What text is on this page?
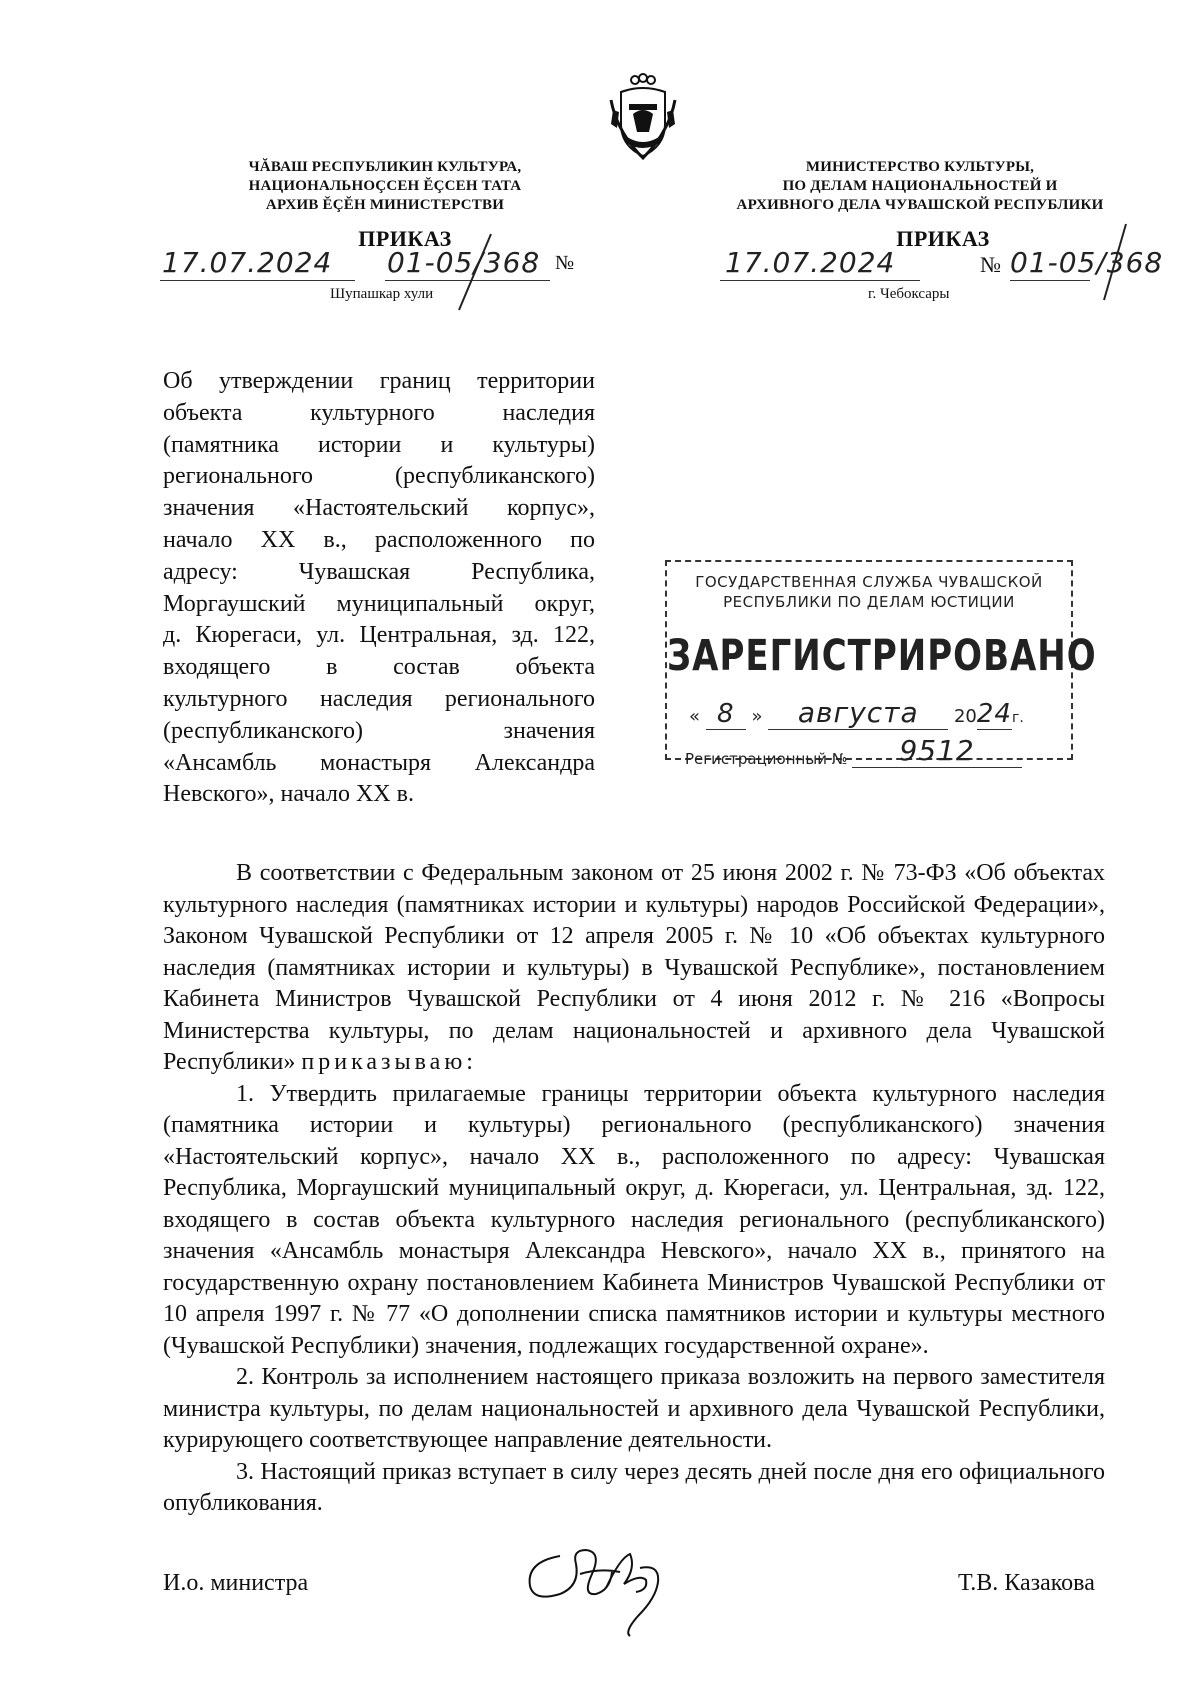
ЧĂВАШ РЕСПУБЛИКИН КУЛЬТУРА,
НАЦИОНАЛЬНОÇСЕН ĔÇСЕН ТАТА
АРХИВ ĔÇĔН МИНИСТЕРСТВИ
МИНИСТЕРСТВО КУЛЬТУРЫ,
ПО ДЕЛАМ НАЦИОНАЛЬНОСТЕЙ И
АРХИВНОГО ДЕЛА ЧУВАШСКОЙ РЕСПУБЛИКИ
ПРИКАЗ
17.07.2024 01-05/368 №
Шупашкар хули
ПРИКАЗ
17.07.2024	№ 01-05/368
г. Чебоксары
Об утверждении границ территории
объекта культурного наследия
(памятника истории и культуры)
регионального (республиканского)
значения «Настоятельский корпус»,
начало XX в., расположенного по
адресу: Чувашская Республика,
Моргаушский муниципальный округ,
д. Кюрегаси, ул. Центральная, зд. 122,
входящего в состав объекта
культурного наследия регионального
(республиканского) значения
«Ансамбль монастыря Александра
Невского», начало XX в.
ГОСУДАРСТВЕННАЯ СЛУЖБА ЧУВАШСКОЙ
РЕСПУБЛИКИ ПО ДЕЛАМ ЮСТИЦИИ
ЗАРЕГИСТРИРОВАНО
« 8 » августа 2024г.
Регистрационный № 9512

В соответствии с Федеральным законом от 25 июня 2002 г. № 73-ФЗ «Об объектах культурного наследия (памятниках истории и культуры) народов Российской Федерации», Законом Чувашской Республики от 12 апреля 2005 г. № 10 «Об объектах культурного наследия (памятниках истории и культуры) в Чувашской Республике», постановлением Кабинета Министров Чувашской Республики от 4 июня 2012 г. № 216 «Вопросы Министерства культуры, по делам национальностей и архивного дела Чувашской Республики» приказываю:

1. Утвердить прилагаемые границы территории объекта культурного наследия (памятника истории и культуры) регионального (республиканского) значения «Настоятельский корпус», начало XX в., расположенного по адресу: Чувашская Республика, Моргаушский муниципальный округ, д. Кюрегаси, ул. Центральная, зд. 122, входящего в состав объекта культурного наследия регионального (республиканского) значения «Ансамбль монастыря Александра Невского», начало XX в., принятого на государственную охрану постановлением Кабинета Министров Чувашской Республики от 10 апреля 1997 г. № 77 «О дополнении списка памятников истории и культуры местного (Чувашской Республики) значения, подлежащих государственной охране».

2. Контроль за исполнением настоящего приказа возложить на первого заместителя министра культуры, по делам национальностей и архивного дела Чувашской Республики, курирующего соответствующее направление деятельности.

3. Настоящий приказ вступает в силу через десять дней после дня его официального опубликования.

И.о. министра	Т.В. Казакова
